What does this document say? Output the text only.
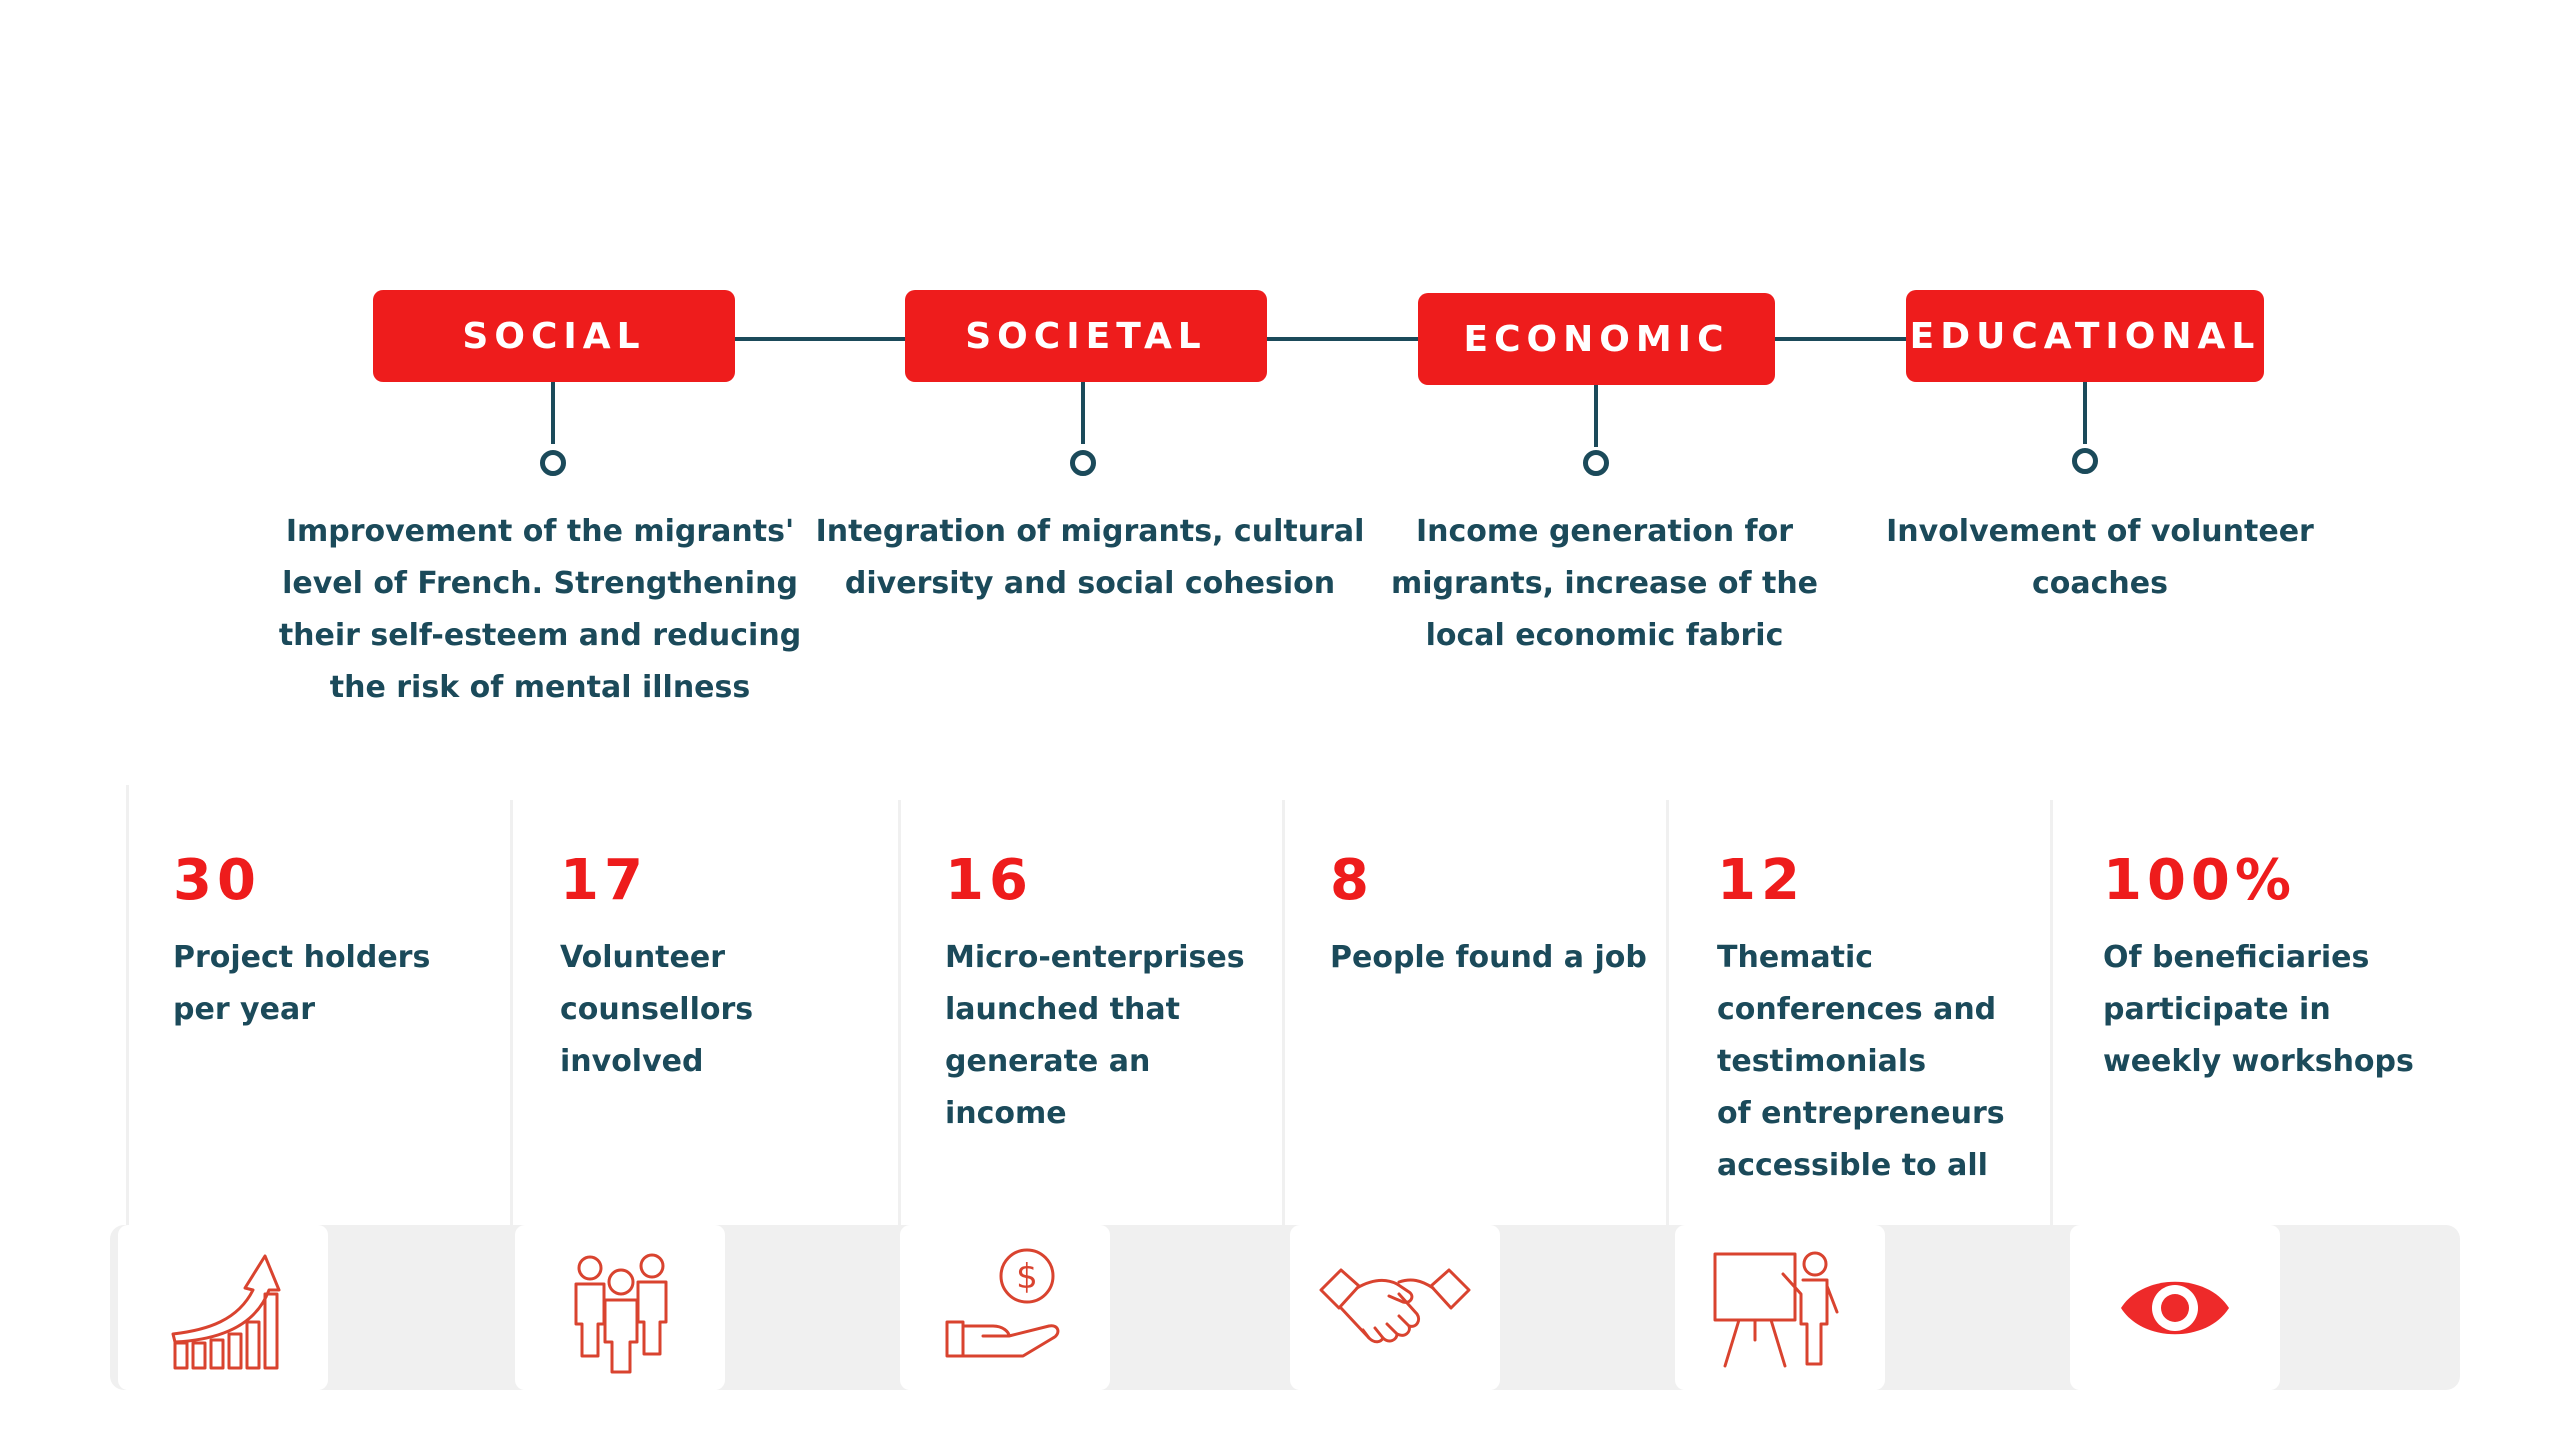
SOCIAL	SOCIETAL	ECONOMIC	EDUCATIONAL
Improvement of the migrants' level of French. Strengthening their self-esteem and reducing the risk of mental illness
Integration of migrants, cultural diversity and social cohesion
Income generation for migrants, increase of the local economic fabric
Involvement of volunteer coaches
30
Project holders
per year
17
Volunteer
counsellors
involved
16
Micro-enterprises
launched that
generate an
income
8
People found a job
12
Thematic
conferences and
testimonials
of entrepreneurs
accessible to all
100%
Of beneficiaries
participate in
weekly workshops
$
